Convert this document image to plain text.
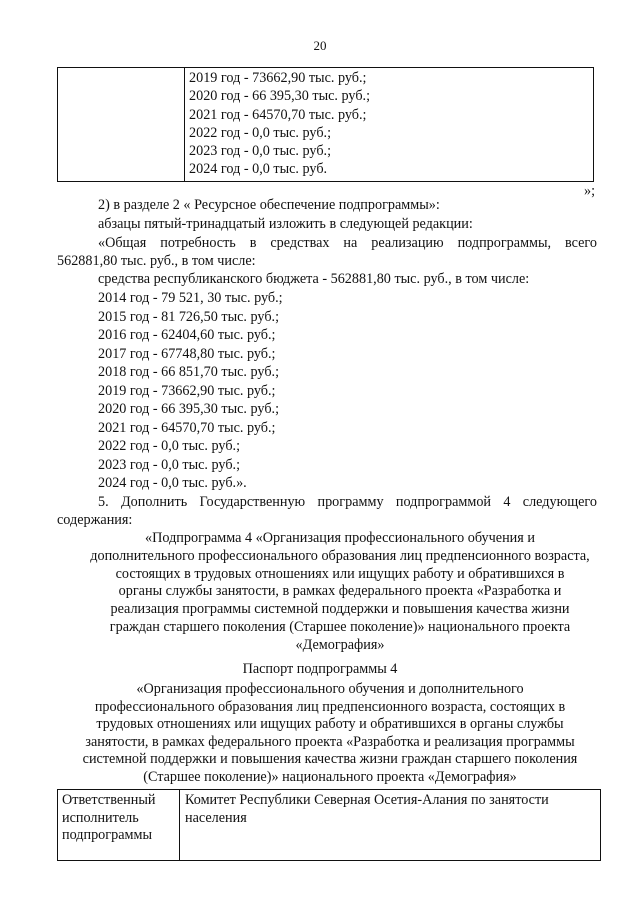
20
2019 год - 73662,90 тыс. руб.;
2020 год - 66 395,30 тыс. руб.;
2021 год - 64570,70 тыс. руб.;
2022 год - 0,0 тыс. руб.;
2023 год - 0,0 тыс. руб.;
2024 год - 0,0 тыс. руб.
»;
2) в разделе 2 « Ресурсное обеспечение подпрограммы»:
абзацы пятый-тринадцатый изложить в следующей редакции:
«Общая потребность в средствах на реализацию подпрограммы, всего
562881,80 тыс. руб., в том числе:
средства республиканского бюджета - 562881,80 тыс. руб., в том числе:
2014 год - 79 521, 30 тыс. руб.;
2015 год - 81 726,50 тыс. руб.;
2016 год - 62404,60 тыс. руб.;
2017 год - 67748,80 тыс. руб.;
2018 год - 66 851,70 тыс. руб.;
2019 год - 73662,90 тыс. руб.;
2020 год - 66 395,30 тыс. руб.;
2021 год - 64570,70 тыс. руб.;
2022 год - 0,0 тыс. руб.;
2023 год - 0,0 тыс. руб.;
2024 год - 0,0 тыс. руб.».
5. Дополнить Государственную программу подпрограммой 4 следующего
содержания:
«Подпрограмма 4 «Организация профессионального обучения и
дополнительного профессионального образования лиц предпенсионного возраста,
состоящих в трудовых отношениях или ищущих работу и обратившихся в
органы службы занятости, в рамках федерального проекта «Разработка и
реализация программы системной поддержки и повышения качества жизни
граждан старшего поколения (Старшее поколение)» национального проекта
«Демография»
Паспорт подпрограммы 4
«Организация профессионального обучения и дополнительного
профессионального образования лиц предпенсионного возраста, состоящих в
трудовых отношениях или ищущих работу и обратившихся в органы службы
занятости, в рамках федерального проекта «Разработка и реализация программы
системной поддержки и повышения качества жизни граждан старшего поколения
(Старшее поколение)» национального проекта «Демография»
Ответственный
исполнитель
подпрограммы
Комитет Республики Северная Осетия-Алания по занятости
населения
